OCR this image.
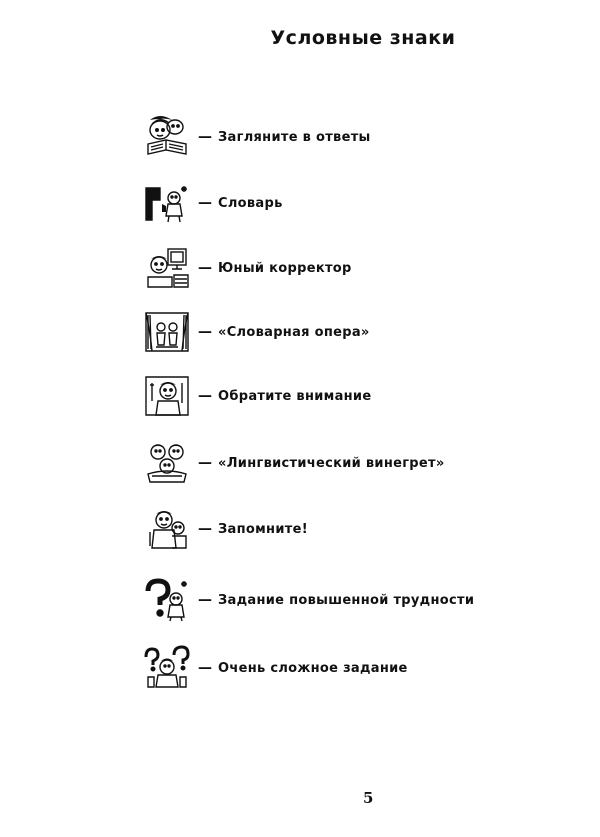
Условные знаки
— Загляните в ответы
— Словарь
— Юный корректор
— «Словарная опера»
— Обратите внимание
— «Лингвистический винегрет»
— Запомните!
— Задание повышенной трудности
— Очень сложное задание
5
